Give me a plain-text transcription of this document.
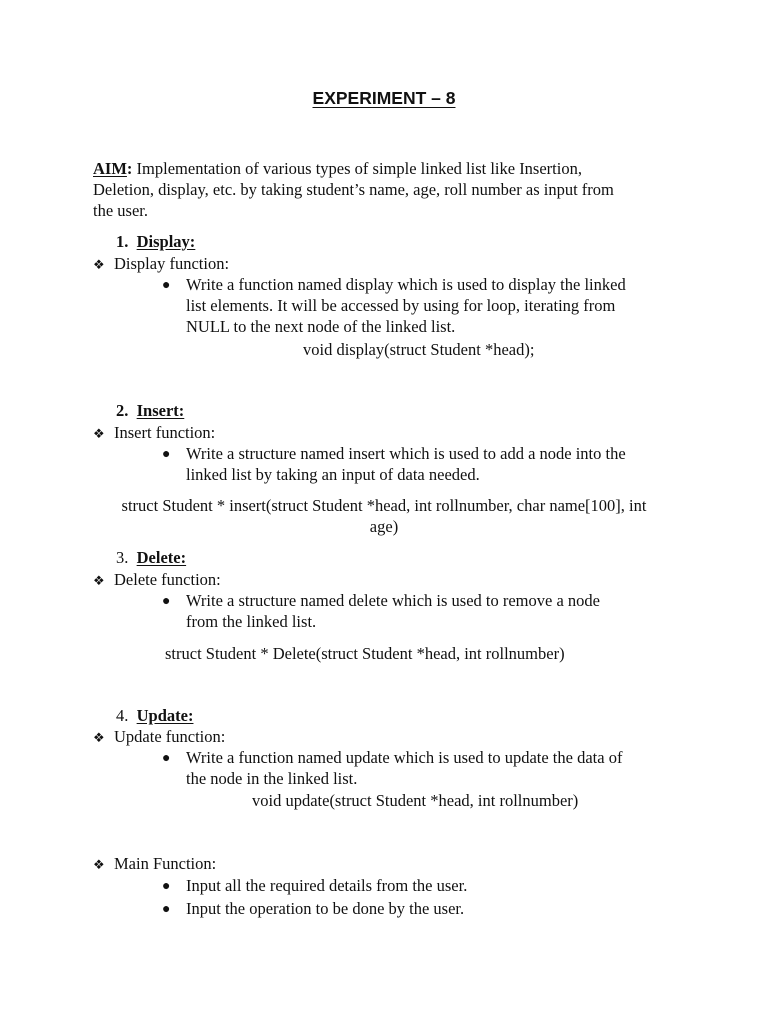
EXPERIMENT – 8
AIM: Implementation of various types of simple linked list like Insertion,
Deletion, display, etc. by taking student’s name, age, roll number as input from
the user.
1. Display:
❖ Display function:
● Write a function named display which is used to display the linked
list elements. It will be accessed by using for loop, iterating from
NULL to the next node of the linked list.
void display(struct Student *head);
2. Insert:
❖ Insert function:
● Write a structure named insert which is used to add a node into the
linked list by taking an input of data needed.
struct Student * insert(struct Student *head, int rollnumber, char name[100], int
age)
3. Delete:
❖ Delete function:
● Write a structure named delete which is used to remove a node
from the linked list.
struct Student * Delete(struct Student *head, int rollnumber)
4. Update:
❖ Update function:
● Write a function named update which is used to update the data of
the node in the linked list.
void update(struct Student *head, int rollnumber)
❖ Main Function:
● Input all the required details from the user.
● Input the operation to be done by the user.
